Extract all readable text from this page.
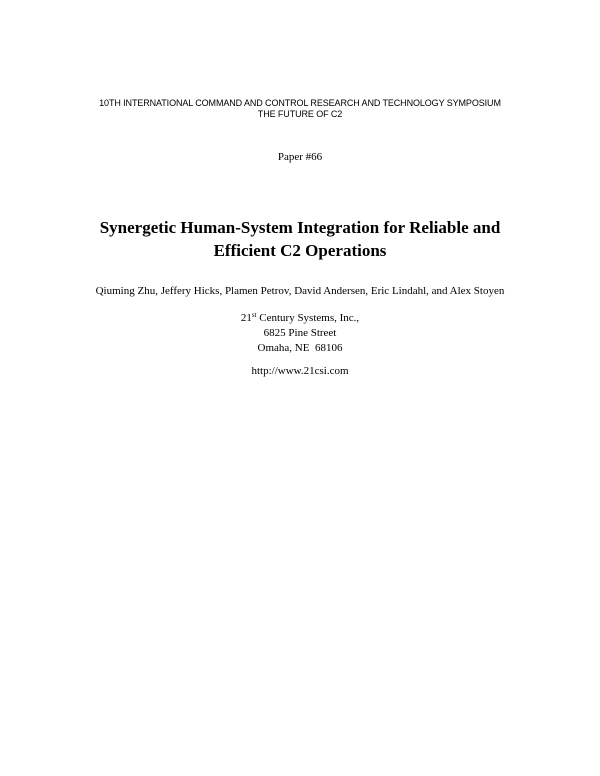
10TH INTERNATIONAL COMMAND AND CONTROL RESEARCH AND TECHNOLOGY SYMPOSIUM
THE FUTURE OF C2
Paper #66
Synergetic Human-System Integration for Reliable and
Efficient C2 Operations
Qiuming Zhu, Jeffery Hicks, Plamen Petrov, David Andersen, Eric Lindahl, and Alex Stoyen
21st Century Systems, Inc.,
6825 Pine Street
Omaha, NE  68106
http://www.21csi.com
